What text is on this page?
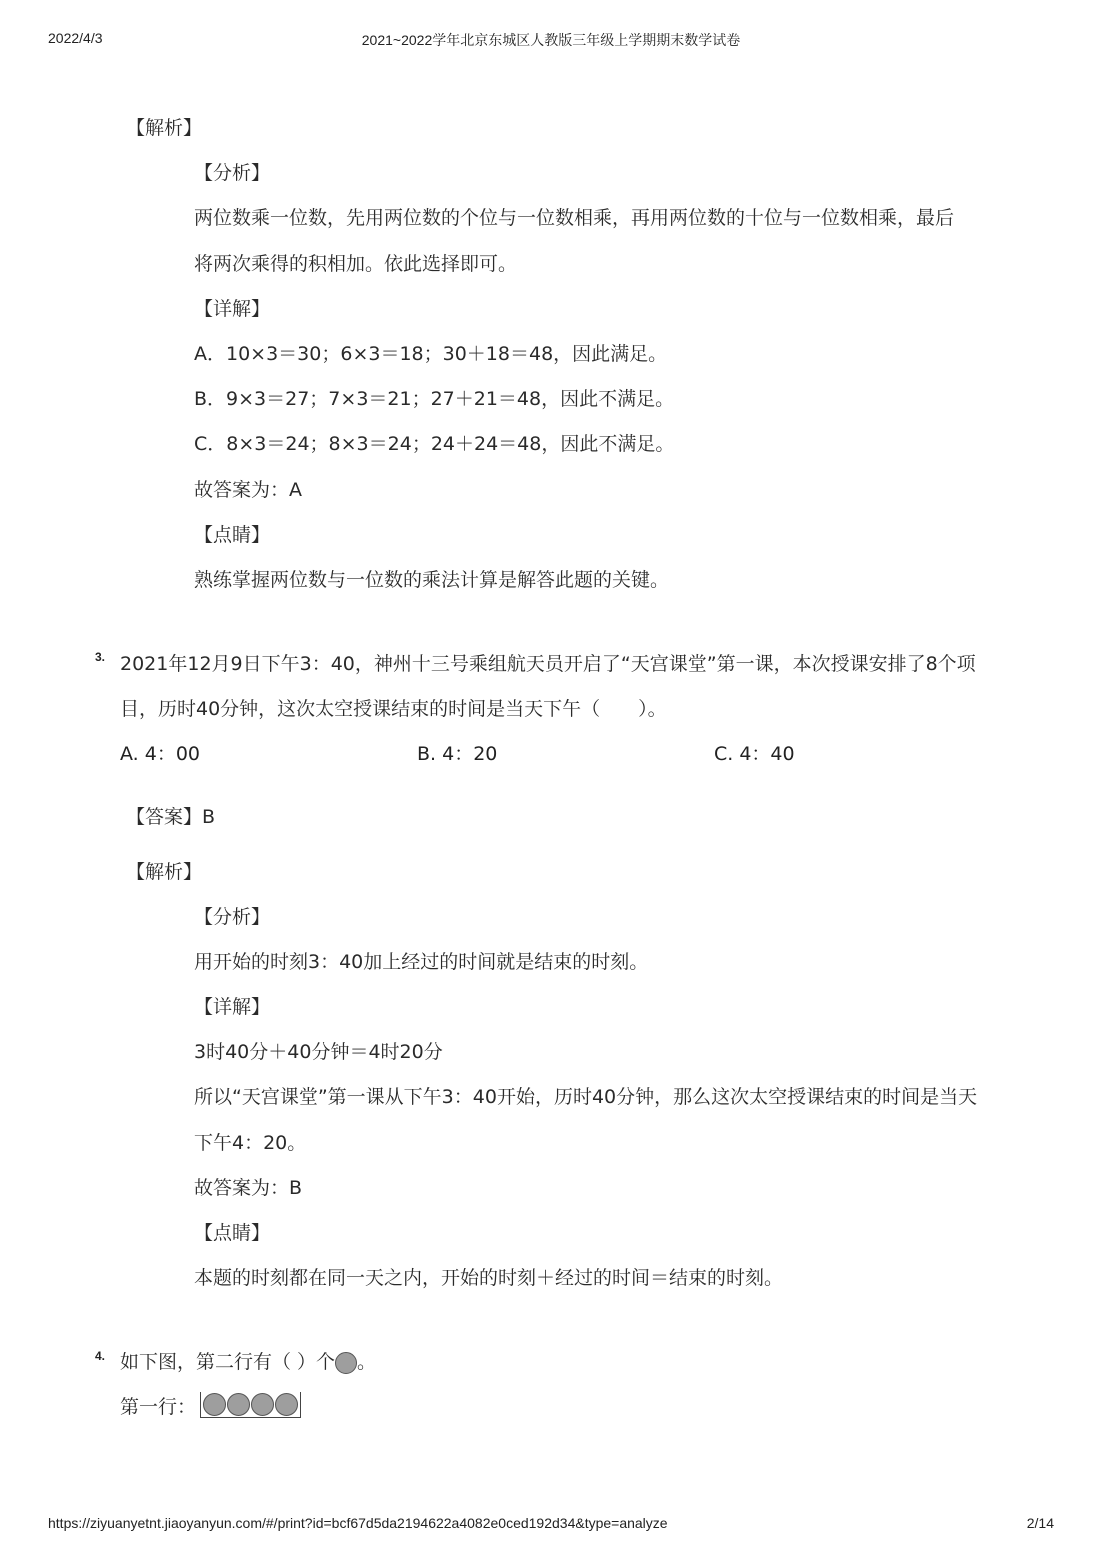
2022/4/3	2021~2022学年北京东城区人教版三年级上学期期末数学试卷
【解析】
【分析】
两位数乘一位数，先用两位数的个位与一位数相乘，再用两位数的十位与一位数相乘，最后
将两次乘得的积相加。依此选择即可。
【详解】
A．10×3＝30；6×3＝18；30＋18＝48，因此满足。
B．9×3＝27；7×3＝21；27＋21＝48，因此不满足。
C．8×3＝24；8×3＝24；24＋24＝48，因此不满足。
故答案为：A
【点睛】
熟练掌握两位数与一位数的乘法计算是解答此题的关键。
3. 2021年12月9日下午3：40，神州十三号乘组航天员开启了“天宫课堂”第一课，本次授课安排了8个项
目，历时40分钟，这次太空授课结束的时间是当天下午（　　）。
A. 4：00	B. 4：20	C. 4：40
【答案】B
【解析】
【分析】
用开始的时刻3：40加上经过的时间就是结束的时刻。
【详解】
3时40分＋40分钟＝4时20分
所以“天宫课堂”第一课从下午3：40开始，历时40分钟，那么这次太空授课结束的时间是当天
下午4：20。
故答案为：B
【点睛】
本题的时刻都在同一天之内，开始的时刻＋经过的时间＝结束的时刻。
4. 如下图，第二行有（ ）个 。
第一行：
https://ziyuanyetnt.jiaoyanyun.com/#/print?id=bcf67d5da2194622a4082e0ced192d34&type=analyze	2/14
